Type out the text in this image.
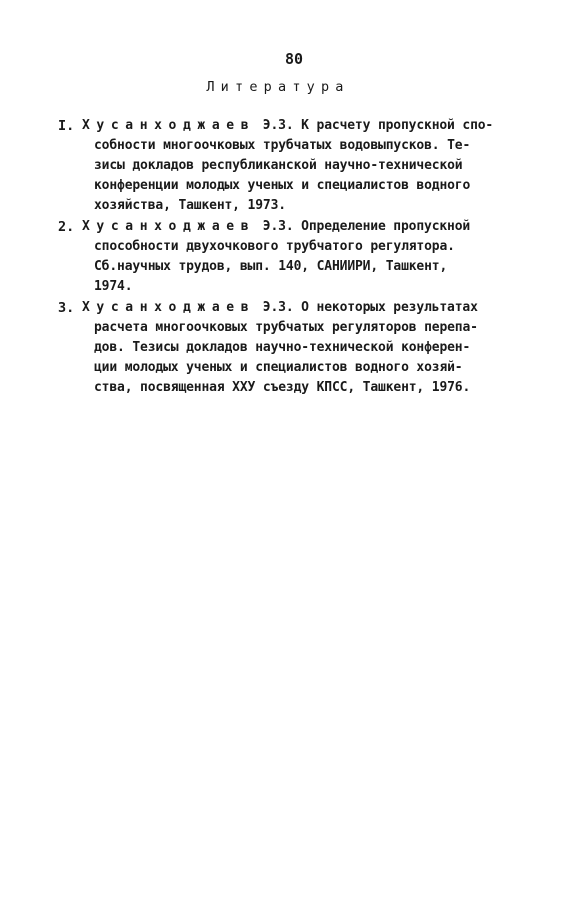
80
Литература
I. Хусанходжаев Э.З. К расчету пропускной спо-
собности многоочковых трубчатых водовыпусков. Те-
зисы докладов республиканской научно-технической
конференции молодых ученых и специалистов водного
хозяйства, Ташкент, 1973.
2. Хусанходжаев Э.З. Определение пропускной
способности двухочкового трубчатого регулятора.
Сб.научных трудов, вып. 140, САНИИРИ, Ташкент,
1974.
3. Хусанходжаев Э.З. О некоторых результатах
расчета многоочковых трубчатых регуляторов перепа-
дов. Тезисы докладов научно-технической конферен-
ции молодых ученых и специалистов водного хозяй-
ства, посвященная XXУ съезду КПСС, Ташкент, 1976.
